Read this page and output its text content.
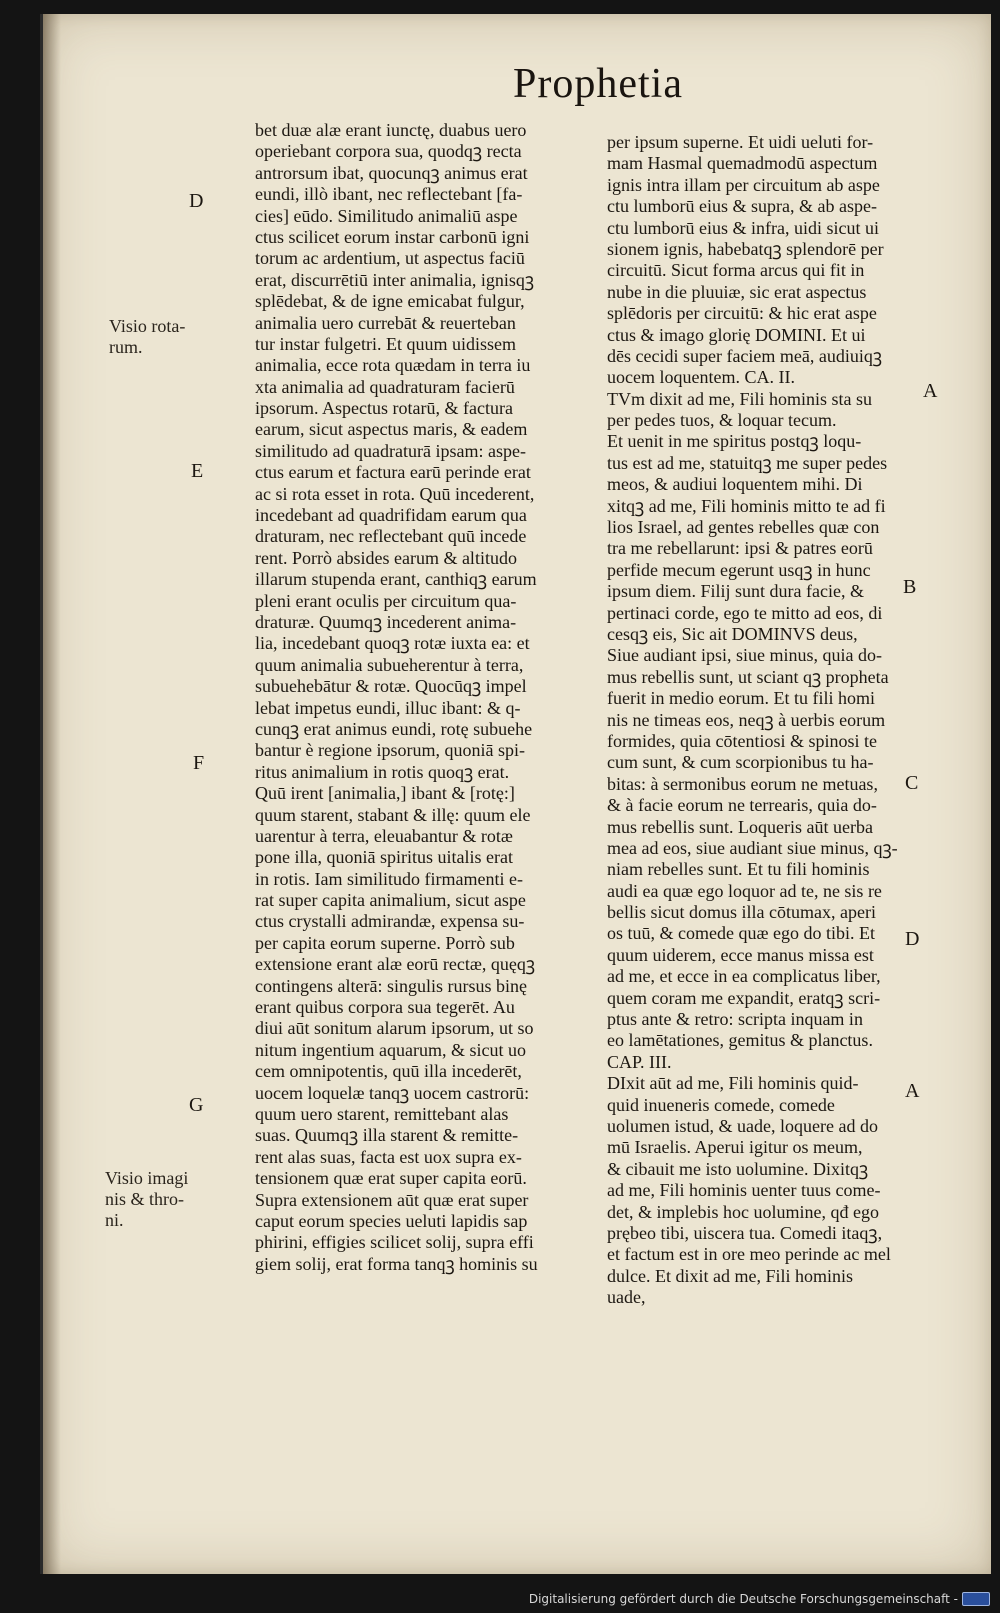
Prophetia
bet duæ alæ erant iunctę, duabus uero
operiebant corpora sua, quodqꝫ recta
antrorsum ibat, quocunqꝫ animus erat
eundi, illò ibant, nec reflectebant [fa-
cies] eūdo. Similitudo animaliū aspe
ctus scilicet eorum instar carbonū igni
torum ac ardentium, ut aspectus faciū
erat, discurrētiū inter animalia, ignisqꝫ
splēdebat, & de igne emicabat fulgur,
animalia uero currebāt & reuerteban
tur instar fulgetri. Et quum uidissem
animalia, ecce rota quædam in terra iu
xta animalia ad quadraturam facierū
ipsorum. Aspectus rotarū, & factura
earum, sicut aspectus maris, & eadem
similitudo ad quadraturā ipsam: aspe-
ctus earum et factura earū perinde erat
ac si rota esset in rota. Quū incederent,
incedebant ad quadrifidam earum qua
draturam, nec reflectebant quū incede
rent. Porrò absides earum & altitudo
illarum stupenda erant, canthiqꝫ earum
pleni erant oculis per circuitum qua-
draturæ. Quumqꝫ incederent anima-
lia, incedebant quoqꝫ rotæ iuxta ea: et
quum animalia subueherentur à terra,
subuehebātur & rotæ. Quocūqꝫ impel
lebat impetus eundi, illuc ibant: & q-
cunqꝫ erat animus eundi, rotę subuehe
bantur è regione ipsorum, quoniā spi-
ritus animalium in rotis quoqꝫ erat.
Quū irent [animalia,] ibant & [rotę:]
quum starent, stabant & illę: quum ele
uarentur à terra, eleuabantur & rotæ
pone illa, quoniā spiritus uitalis erat
in rotis. Iam similitudo firmamenti e-
rat super capita animalium, sicut aspe
ctus crystalli admirandæ, expensa su-
per capita eorum superne. Porrò sub
extensione erant alæ eorū rectæ, quęqꝫ
contingens alterā: singulis rursus binę
erant quibus corpora sua tegerēt. Au
diui aūt sonitum alarum ipsorum, ut so
nitum ingentium aquarum, & sicut uo
cem omnipotentis, quū illa incederēt,
uocem loquelæ tanqꝫ uocem castrorū:
quum uero starent, remittebant alas
suas. Quumqꝫ illa starent & remitte-
rent alas suas, facta est uox supra ex-
tensionem quæ erat super capita eorū.
Supra extensionem aūt quæ erat super
caput eorum species ueluti lapidis sap
phirini, effigies scilicet solij, supra effi
giem solij, erat forma tanqꝫ hominis su
per ipsum superne. Et uidi ueluti for-
mam Hasmal quemadmodū aspectum
ignis intra illam per circuitum ab aspe
ctu lumborū eius & supra, & ab aspe-
ctu lumborū eius & infra, uidi sicut ui
sionem ignis, habebatqꝫ splendorē per
circuitū. Sicut forma arcus qui fit in
nube in die pluuiæ, sic erat aspectus
splēdoris per circuitū: & hic erat aspe
ctus & imago glorię DOMINI. Et ui
dēs cecidi super faciem meā, audiuiqꝫ
uocem loquentem. CA. II.
TVm dixit ad me, Fili hominis sta su
per pedes tuos, & loquar tecum.
Et uenit in me spiritus postqꝫ loqu-
tus est ad me, statuitqꝫ me super pedes
meos, & audiui loquentem mihi. Di
xitqꝫ ad me, Fili hominis mitto te ad fi
lios Israel, ad gentes rebelles quæ con
tra me rebellarunt: ipsi & patres eorū
perfide mecum egerunt usqꝫ in hunc
ipsum diem. Filij sunt dura facie, &
pertinaci corde, ego te mitto ad eos, di
cesqꝫ eis, Sic ait DOMINVS deus,
Siue audiant ipsi, siue minus, quia do-
mus rebellis sunt, ut sciant qꝫ propheta
fuerit in medio eorum. Et tu fili homi
nis ne timeas eos, neqꝫ à uerbis eorum
formides, quia cōtentiosi & spinosi te
cum sunt, & cum scorpionibus tu ha-
bitas: à sermonibus eorum ne metuas,
& à facie eorum ne terrearis, quia do-
mus rebellis sunt. Loqueris aūt uerba
mea ad eos, siue audiant siue minus, qꝫ-
niam rebelles sunt. Et tu fili hominis
audi ea quæ ego loquor ad te, ne sis re
bellis sicut domus illa cōtumax, aperi
os tuū, & comede quæ ego do tibi. Et
quum uiderem, ecce manus missa est
ad me, et ecce in ea complicatus liber,
quem coram me expandit, eratqꝫ scri-
ptus ante & retro: scripta inquam in
eo lamētationes, gemitus & planctus.
CAP. III.
DIxit aūt ad me, Fili hominis quid-
quid inueneris comede, comede
uolumen istud, & uade, loquere ad do
mū Israelis. Aperui igitur os meum,
& cibauit me isto uolumine. Dixitqꝫ
ad me, Fili hominis uenter tuus come-
det, & implebis hoc uolumine, qđ ego
prębeo tibi, uiscera tua. Comedi itaqꝫ,
et factum est in ore meo perinde ac mel
dulce. Et dixit ad me, Fili hominis
uade,
D
E
F
G
A
B
C
D
A
Visio rota-
rum.
Visio imagi
nis & thro-
ni.
Digitalisierung gefördert durch die Deutsche Forschungsgemeinschaft -
